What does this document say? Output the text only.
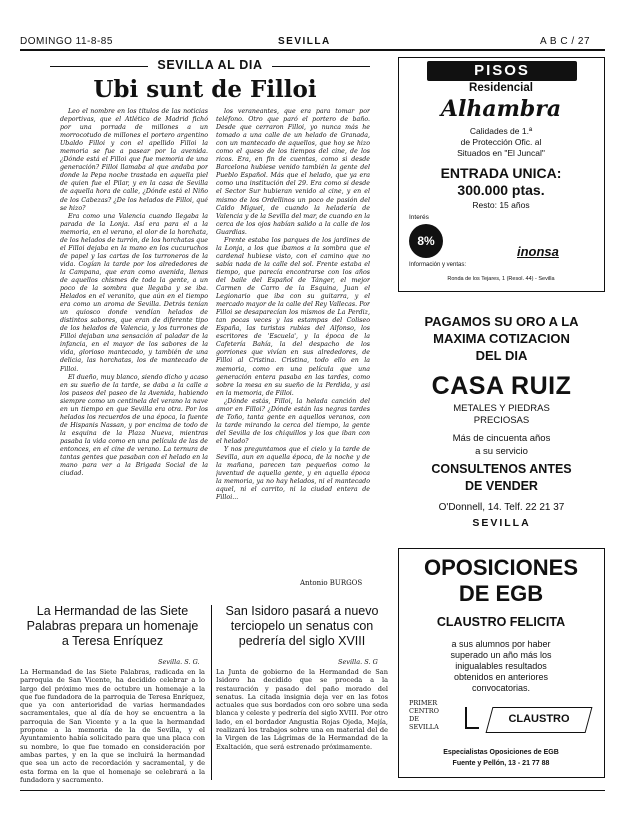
DOMINGO 11-8-85	SEVILLA	A B C / 27
SEVILLA AL DIA
Ubi sunt de Filloi

Leo el nombre en los títulos de las noticias deportivas, que el Atlético de Madrid fichó por una porrada de millones a un morrocotudo de millones el portero argentino Ubaldo Filloi y con el apellido Filloi la memoria se fue a pasear por la avenida. ¿Dónde está el Filloi que fue memoria de una generación? Filloi llamaba al que andaba por donde la Pepa noche trastada en aquella piel de quien fue el Pilar, y en la casa de Sevilla de aquella hora de calle, ¿Dónde está el Niño de los Cabezas? ¿De los helados de Filloi, qué se hizo?

Era como una Valencia cuando llegaba la parada de la Lonja. Así era para el a la memoria, en el verano, el olor de la horchata, de los helados de turrón, de los horchatas que el Filloi dejaba en la mano en los cucuruchos de papel y las cartas de los turroneros de la vida. Cogían la tarde por los alrededores de la Campana, que eran como avenida, llenas de aquellos chismes de toda la gente, a un poco de la sombra que llegaba y se iba. Helados en el veranito, que aún en el tiempo era como un aroma de Sevilla. Detrás tenían un quiosco donde vendían helados de distintos sabores, que eran de diferente tipo de los helados de Valencia, y los turrones de Filloi dejaban una sensación al paladar de la infancia, en el mayor de los sabores de la vida, glorioso mantecado, y también de una delicia, las horchatas, los de mantecado de Filloi.

El dueño, muy blanco, siendo dicho y acaso en su sueño de la tarde, se daba a la calle a los paseos del paseo de la Avenida, habiendo siempre como un centinela del verano la nave en un tiempo en que Sevilla era otra. Por los helados los recuerdos de una época, la fuente de Hispanis Nassan, y por encima de todo de la esquina de la Plaza Nueva, mientras pasaba la vida como en una película de las de entonces, en el cine de verano. La ternura de tantas gentes que pasaban con el helado en la mano para ver a la Brigada Social de la ciudad.

los veraneantes, que era para tomar por teléfono. Otro que paró el portero de baño. Desde que cerraron Filloi, yo nunca más he tomado a una calle de un helado de Granada, con un mantecado de aquellos, que hoy se hizo como el queso de los tiempos del cine, de los ricos. Era, en fin de cuentas, como si desde Barcelona hubiese venido también la gente del Pueblo Español. Más que el helado, que ya era como una institución del 29. Era como si desde el Sector Sur hubieran venido al cine, y en el mismo de los Ordellinos un poco de pasión del Caldo Miguel, de cuando la heladería de Valencia y de la Sevilla del mar, de cuando en la cerca de los ojos habían salido a la calle de los Guardias.

Frente estaba los parques de los jardines de la Lonja, a los que íbamos a la sombra que el cardenal hubiese visto, con el camino que no sabía nada de la calle del sol. Frente estaba el tiempo, que parecía encontrarse con los años del baile del Español de Tánger, el mejor Carmen de Carro de la Esquina, Juan el Legionario que iba con su guitarra, y el mercado mayor de la calle del Rey Vallecas. Por Filloi se desaparecían los mismos de La Perdiz, tan pocas veces y las estampas del Coliseo España, las turistas rubias del Alfonso, los escritores de 'Escuela', y la época de la Cafetería Bahía, la del despacho de los gorriones que vivían en sus alrededores, de Filloi al Cristina. Cristina, todo ello en la memoria, como en una película que una generación entera pasaba en las tardes, como sobre la mesa en su sueño de la Perdida, y así en la memoria, de Filloi.

¿Dónde estás, Filloi, la helada canción del amor en Filloi? ¿Dónde están las negras tardes de Toño, tanta gente en aquellos veranos, con la tarde mirando la cerca del tiempo, la gente del Sevilla de los chiquillos y los que iban con el helado?

Y nos preguntamos que el cielo y la tarde de Sevilla, aun en aquella época, de la noche y de la mañana, parecen tan pequeños como la juventud de aquella gente, y en aquella época la memoria, ya no hay helados, ni el mantecado aquel, ni el carrito, ni la ciudad entera de Filloi...

Antonio BURGOS
PISOS
Residencial
Alhambra
Calidades de 1.ª
de Protección Ofic. al
Situados en "El Juncal"
ENTRADA UNICA:
300.000 ptas.
Resto: 15 años
Interés
8%
Información y ventas:
inonsa
Ronda de los Tejares, 1 (Resol. 44) - Sevilla
PAGAMOS SU ORO A LA
MAXIMA COTIZACION
DEL DIA
CASA RUIZ
METALES Y PIEDRAS
PRECIOSAS
Más de cincuenta años
a su servicio
CONSULTENOS ANTES
DE VENDER
O'Donnell, 14. Telf. 22 21 37
SEVILLA
OPOSICIONES
DE EGB
CLAUSTRO FELICITA
a sus alumnos por haber
superado un año más los
inigualables resultados
obtenidos en anteriores
convocatorias.
PRIMER
CENTRO
DE
SEVILLA
CLAUSTRO
Especialistas Oposiciones de EGB
Fuente y Pellón, 13 - 21 77 88
La Hermandad de las Siete Palabras prepara un homenaje a Teresa Enríquez
Sevilla. S. G.
La Hermandad de las Siete Palabras, radicada en la parroquia de San Vicente, ha decidido celebrar a lo largo del próximo mes de octubre un homenaje a la que fue fundadora de la parroquia de Teresa Enríquez, que ya con anterioridad de varias hermandades sacramentales, que al día de hoy se encuentra a la parroquia de San Vicente y a la que la hermandad propone a la memoria de la de Sevilla, y el Ayuntamiento había solicitado para que una placa con su nombre, lo que fue tomado en consideración por ambas partes, y en la que se incluirá la hermandad que sea un acto de recordación y sacramental, y de esta forma en la que el homenaje se celebrará a la fundadora y sacramento.
San Isidoro pasará a nuevo terciopelo un senatus con pedrería del siglo XVIII
Sevilla. S. G
La Junta de gobierno de la Hermandad de San Isidoro ha decidido que se proceda a la restauración y pasado del paño morado del senatus. La citada insignia deja ver en las fotos actuales que sus bordados con oro sobre una seda blanca y celeste y pedrería del siglo XVIII. Por otro lado, en el bordador Angustia Rojas Ojeda, Mejía, realizará los trabajos sobre una en material del de la Virgen de las Lágrimas de la Hermandad de la Exaltación, que será estrenado próximamente.
